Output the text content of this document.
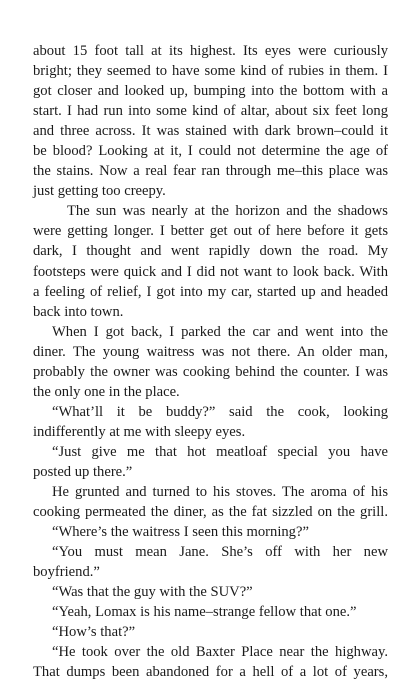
about 15 foot tall at its highest. Its eyes were curiously
bright; they seemed to have some kind of rubies in them. I
got closer and looked up, bumping into the bottom with a
start. I had run into some kind of altar, about six feet long
and three across. It was stained with dark brown–could it
be blood? Looking at it, I could not determine the age of
the stains. Now a real fear ran through me–this place was
just getting too creepy.
The sun was nearly at the horizon and the shadows
were getting longer. I better get out of here before it gets
dark, I thought and went rapidly down the road. My
footsteps were quick and I did not want to look back. With
a feeling of relief, I got into my car, started up and headed
back into town.
When I got back, I parked the car and went into the
diner. The young waitress was not there. An older man,
probably the owner was cooking behind the counter. I was
the only one in the place.
“What’ll it be buddy?” said the cook, looking
indifferently at me with sleepy eyes.
“Just give me that hot meatloaf special you have
posted up there.”
He grunted and turned to his stoves. The aroma of his
cooking permeated the diner, as the fat sizzled on the grill.
“Where’s the waitress I seen this morning?”
“You must mean Jane. She’s off with her new
boyfriend.”
“Was that the guy with the SUV?”
“Yeah, Lomax is his name–strange fellow that one.”
“How’s that?”
“He took over the old Baxter Place near the highway.
That dumps been abandoned for a hell of a lot of years,
